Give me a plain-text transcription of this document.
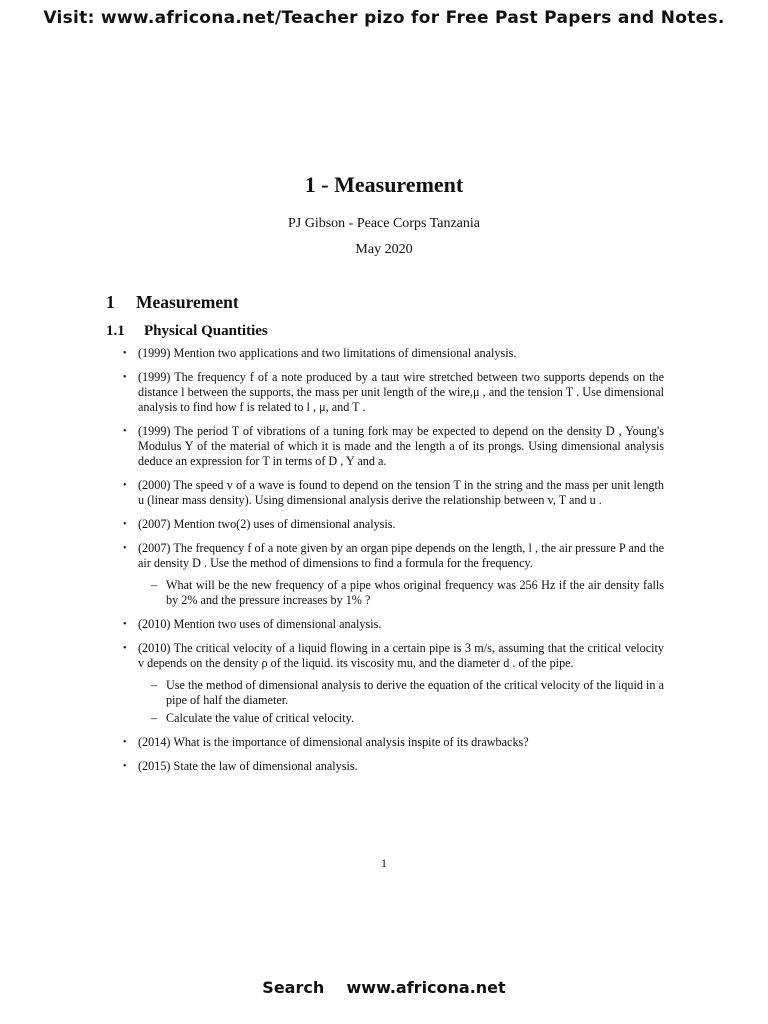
Visit: www.africona.net/Teacher pizo for Free Past Papers and Notes.
1 - Measurement
PJ Gibson - Peace Corps Tanzania
May 2020
1 Measurement
1.1 Physical Quantities
• (1999) Mention two applications and two limitations of dimensional analysis.
• (1999) The frequency f of a note produced by a taut wire stretched between two supports depends on the distance l between the supports, the mass per unit length of the wire,μ , and the tension T . Use dimensional analysis to find how f is related to l , μ, and T .
• (1999) The period T of vibrations of a tuning fork may be expected to depend on the density D , Young's Modulus Y of the material of which it is made and the length a of its prongs. Using dimensional analysis deduce an expression for T in terms of D , Y and a.
• (2000) The speed v of a wave is found to depend on the tension T in the string and the mass per unit length u (linear mass density). Using dimensional analysis derive the relationship between v, T and u .
• (2007) Mention two(2) uses of dimensional analysis.
• (2007) The frequency f of a note given by an organ pipe depends on the length, l , the air pressure P and the air density D . Use the method of dimensions to find a formula for the frequency.
– What will be the new frequency of a pipe whos original frequency was 256 Hz if the air density falls by 2% and the pressure increases by 1% ?
• (2010) Mention two uses of dimensional analysis.
• (2010) The critical velocity of a liquid flowing in a certain pipe is 3 m/s, assuming that the critical velocity v depends on the density ρ of the liquid. its viscosity mu, and the diameter d . of the pipe.
– Use the method of dimensional analysis to derive the equation of the critical velocity of the liquid in a pipe of half the diameter.
– Calculate the value of critical velocity.
• (2014) What is the importance of dimensional analysis inspite of its drawbacks?
• (2015) State the law of dimensional analysis.
1
Search    www.africona.net
